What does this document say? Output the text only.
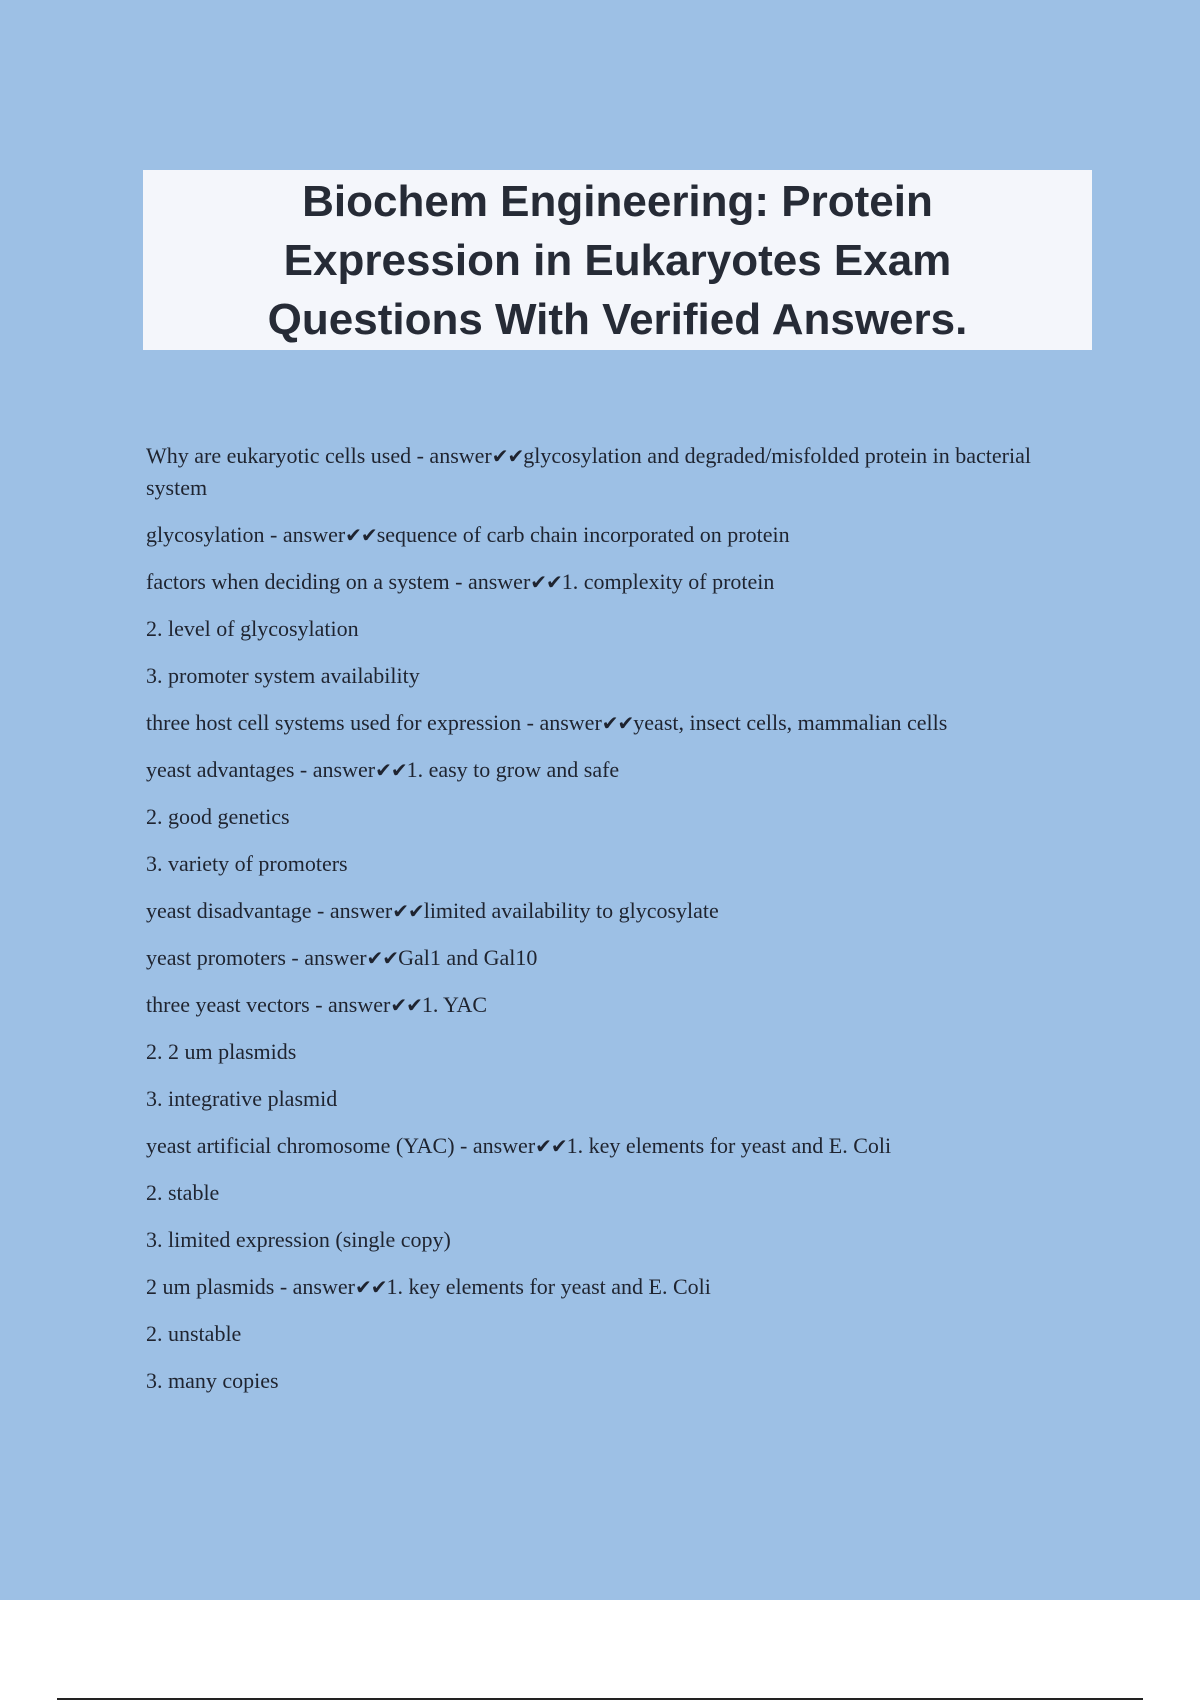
Biochem Engineering: Protein Expression in Eukaryotes Exam Questions With Verified Answers.
Why are eukaryotic cells used - answer✔✔glycosylation and degraded/misfolded protein in bacterial system
glycosylation - answer✔✔sequence of carb chain incorporated on protein
factors when deciding on a system - answer✔✔1. complexity of protein
2. level of glycosylation
3. promoter system availability
three host cell systems used for expression - answer✔✔yeast, insect cells, mammalian cells
yeast advantages - answer✔✔1. easy to grow and safe
2. good genetics
3. variety of promoters
yeast disadvantage - answer✔✔limited availability to glycosylate
yeast promoters - answer✔✔Gal1 and Gal10
three yeast vectors - answer✔✔1. YAC
2. 2 um plasmids
3. integrative plasmid
yeast artificial chromosome (YAC) - answer✔✔1. key elements for yeast and E. Coli
2. stable
3. limited expression (single copy)
2 um plasmids - answer✔✔1. key elements for yeast and E. Coli
2. unstable
3. many copies
